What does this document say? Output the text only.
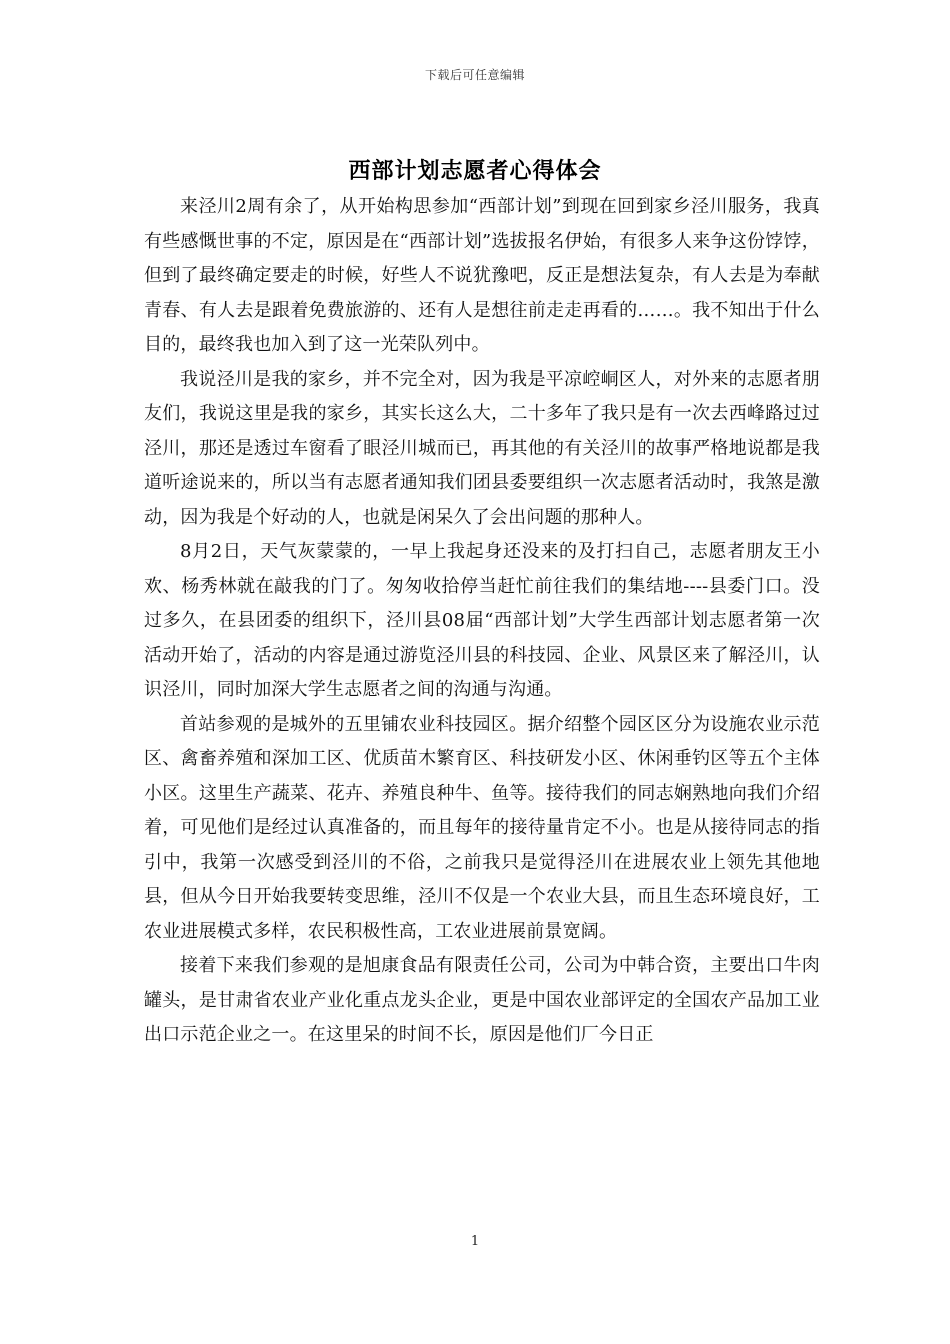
下载后可任意编辑
西部计划志愿者心得体会

来泾川2周有余了，从开始构思参加“西部计划”到现在回到家乡泾川服务，我真有些感慨世事的不定，原因是在“西部计划”选拔报名伊始，有很多人来争这份饽饽，但到了最终确定要走的时候，好些人不说犹豫吧，反正是想法复杂，有人去是为奉献青春、有人去是跟着免费旅游的、还有人是想往前走走再看的……。我不知出于什么目的，最终我也加入到了这一光荣队列中。

我说泾川是我的家乡，并不完全对，因为我是平凉崆峒区人，对外来的志愿者朋友们，我说这里是我的家乡，其实长这么大，二十多年了我只是有一次去西峰路过过泾川，那还是透过车窗看了眼泾川城而已，再其他的有关泾川的故事严格地说都是我道听途说来的，所以当有志愿者通知我们团县委要组织一次志愿者活动时，我煞是激动，因为我是个好动的人，也就是闲呆久了会出问题的那种人。

8月2日，天气灰蒙蒙的，一早上我起身还没来的及打扫自己，志愿者朋友王小欢、杨秀林就在敲我的门了。匆匆收拾停当赶忙前往我们的集结地----县委门口。没过多久，在县团委的组织下，泾川县08届“西部计划”大学生西部计划志愿者第一次活动开始了，活动的内容是通过游览泾川县的科技园、企业、风景区来了解泾川，认识泾川，同时加深大学生志愿者之间的沟通与沟通。

首站参观的是城外的五里铺农业科技园区。据介绍整个园区区分为设施农业示范区、禽畜养殖和深加工区、优质苗木繁育区、科技研发小区、休闲垂钓区等五个主体小区。这里生产蔬菜、花卉、养殖良种牛、鱼等。接待我们的同志娴熟地向我们介绍着，可见他们是经过认真准备的，而且每年的接待量肯定不小。也是从接待同志的指引中，我第一次感受到泾川的不俗，之前我只是觉得泾川在进展农业上领先其他地县，但从今日开始我要转变思维，泾川不仅是一个农业大县，而且生态环境良好，工农业进展模式多样，农民积极性高，工农业进展前景宽阔。

接着下来我们参观的是旭康食品有限责任公司，公司为中韩合资，主要出口牛肉罐头，是甘肃省农业产业化重点龙头企业，更是中国农业部评定的全国农产品加工业出口示范企业之一。在这里呆的时间不长，原因是他们厂今日正

1
